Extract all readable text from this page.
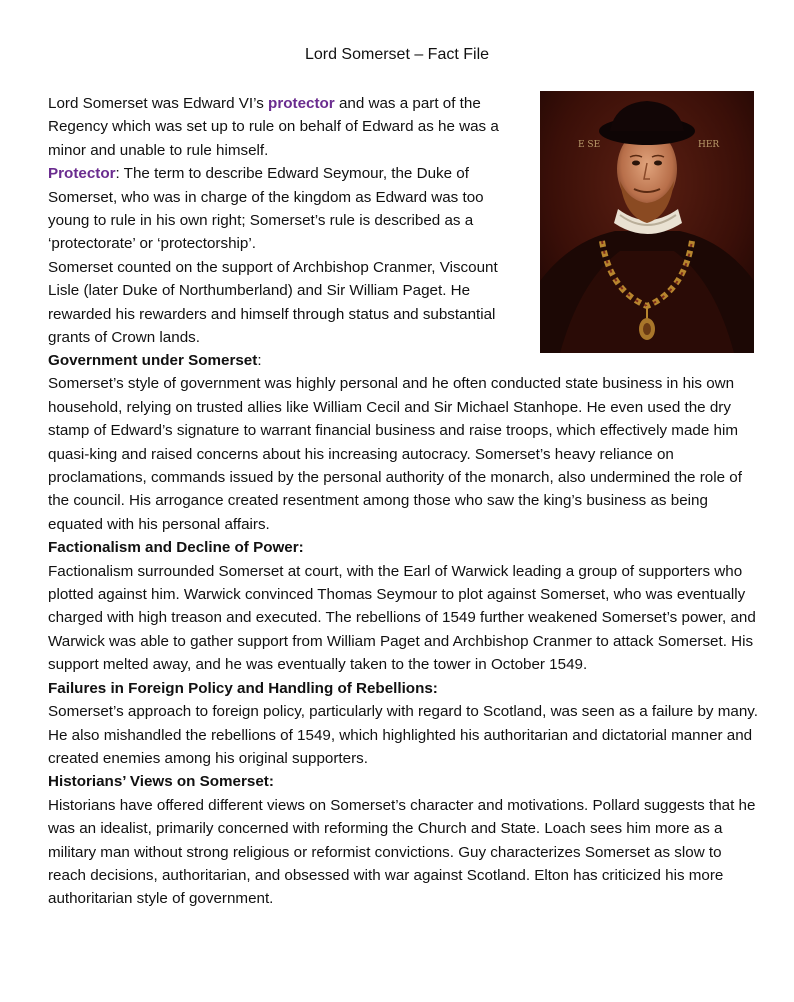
Lord Somerset – Fact File
E SE	HER

Lord Somerset was Edward VI’s protector and was a part of the Regency which was set up to rule on behalf of Edward as he was a minor and unable to rule himself.

Protector: The term to describe Edward Seymour, the Duke of Somerset, who was in charge of the kingdom as Edward was too young to rule in his own right; Somerset’s rule is described as a ‘protectorate’ or ‘protectorship’.

Somerset counted on the support of Archbishop Cranmer, Viscount Lisle (later Duke of Northumberland) and Sir William Paget. He rewarded his rewarders and himself through status and substantial grants of Crown lands.

Government under Somerset:

Somerset’s style of government was highly personal and he often conducted state business in his own household, relying on trusted allies like William Cecil and Sir Michael Stanhope. He even used the dry stamp of Edward’s signature to warrant financial business and raise troops, which effectively made him quasi-king and raised concerns about his increasing autocracy. Somerset’s heavy reliance on proclamations, commands issued by the personal authority of the monarch, also undermined the role of the council. His arrogance created resentment among those who saw the king’s business as being equated with his personal affairs.

Factionalism and Decline of Power:

Factionalism surrounded Somerset at court, with the Earl of Warwick leading a group of supporters who plotted against him. Warwick convinced Thomas Seymour to plot against Somerset, who was eventually charged with high treason and executed. The rebellions of 1549 further weakened Somerset’s power, and Warwick was able to gather support from William Paget and Archbishop Cranmer to attack Somerset. His support melted away, and he was eventually taken to the tower in October 1549.

Failures in Foreign Policy and Handling of Rebellions:

Somerset’s approach to foreign policy, particularly with regard to Scotland, was seen as a failure by many. He also mishandled the rebellions of 1549, which highlighted his authoritarian and dictatorial manner and created enemies among his original supporters.

Historians’ Views on Somerset:

Historians have offered different views on Somerset’s character and motivations. Pollard suggests that he was an idealist, primarily concerned with reforming the Church and State. Loach sees him more as a military man without strong religious or reformist convictions. Guy characterizes Somerset as slow to reach decisions, authoritarian, and obsessed with war against Scotland. Elton has criticized his more authoritarian style of government.
